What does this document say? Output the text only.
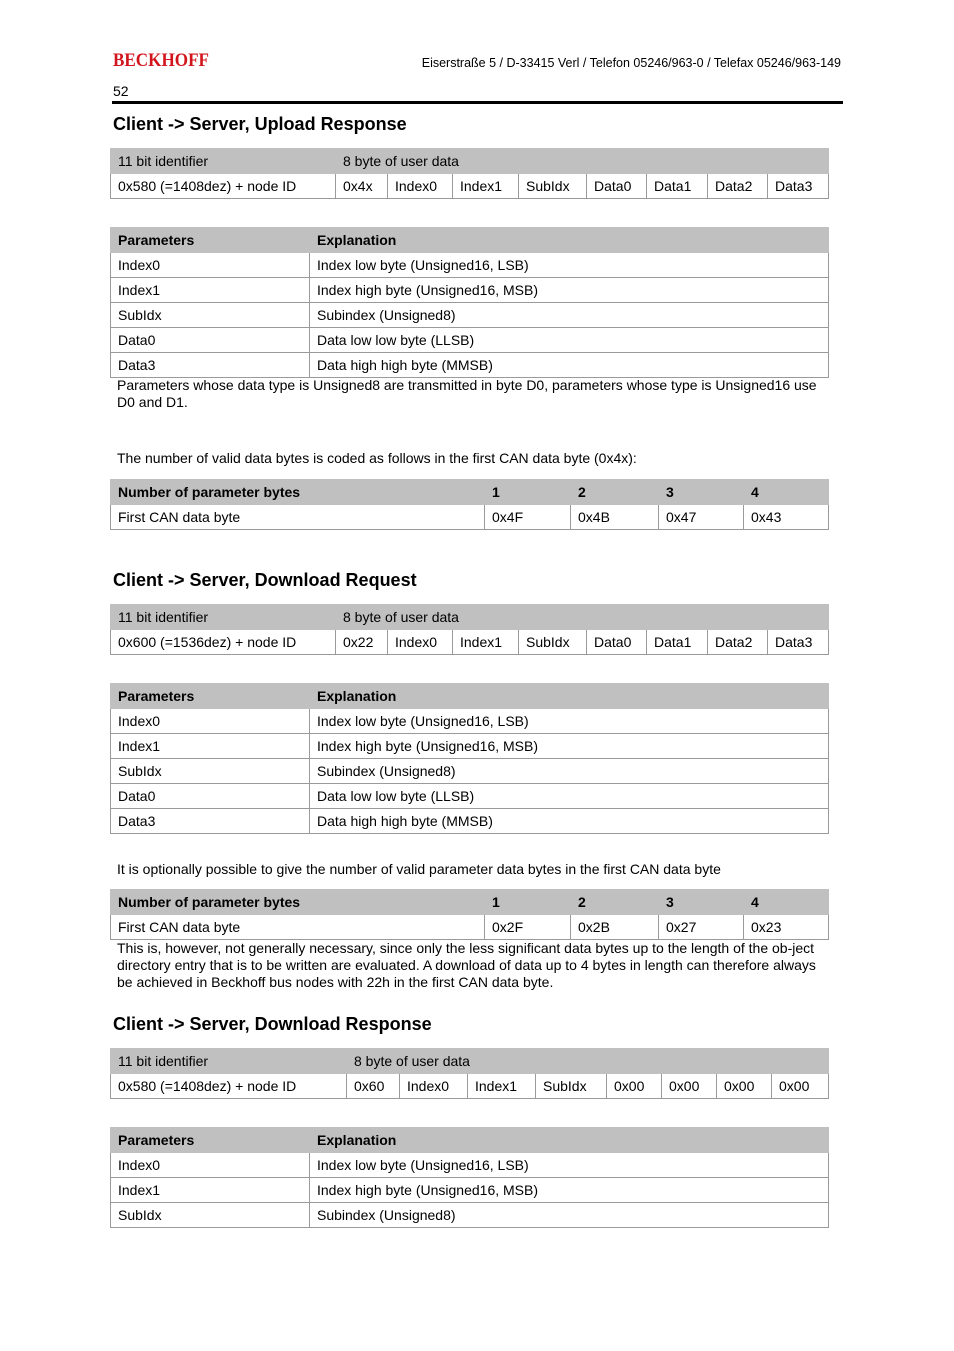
BECKHOFF	Eiserstraße 5 / D-33415 Verl / Telefon 05246/963-0 / Telefax 05246/963-149
52
Client -> Server, Upload Response
11 bit identifier	8 byte of user data							
0x580 (=1408dez) + node ID	0x4x	Index0	Index1	SubIdx	Data0	Data1	Data2	Data3
Parameters	Explanation
Index0	Index low byte (Unsigned16, LSB)
Index1	Index high byte (Unsigned16, MSB)
SubIdx	Subindex (Unsigned8)
Data0	Data low low byte (LLSB)
Data3	Data high high byte (MMSB)

Parameters whose data type is Unsigned8 are transmitted in byte D0, parameters whose type is Unsigned16 use D0 and D1.

The number of valid data bytes is coded as follows in the first CAN data byte (0x4x):

Number of parameter bytes	1	2	3	4
First CAN data byte	0x4F	0x4B	0x47	0x43
Client -> Server, Download Request
11 bit identifier	8 byte of user data							
0x600 (=1536dez) + node ID	0x22	Index0	Index1	SubIdx	Data0	Data1	Data2	Data3
Parameters	Explanation
Index0	Index low byte (Unsigned16, LSB)
Index1	Index high byte (Unsigned16, MSB)
SubIdx	Subindex (Unsigned8)
Data0	Data low low byte (LLSB)
Data3	Data high high byte (MMSB)

It is optionally possible to give the number of valid parameter data bytes in the first CAN data byte

Number of parameter bytes	1	2	3	4
First CAN data byte	0x2F	0x2B	0x27	0x23

This is, however, not generally necessary, since only the less significant data bytes up to the length of the ob-ject directory entry that is to be written are evaluated. A download of data up to 4 bytes in length can therefore always be achieved in Beckhoff bus nodes with 22h in the first CAN data byte.

Client -> Server, Download Response
11 bit identifier	8 byte of user data							
0x580 (=1408dez) + node ID	0x60	Index0	Index1	SubIdx	0x00	0x00	0x00	0x00
Parameters	Explanation
Index0	Index low byte (Unsigned16, LSB)
Index1	Index high byte (Unsigned16, MSB)
SubIdx	Subindex (Unsigned8)
